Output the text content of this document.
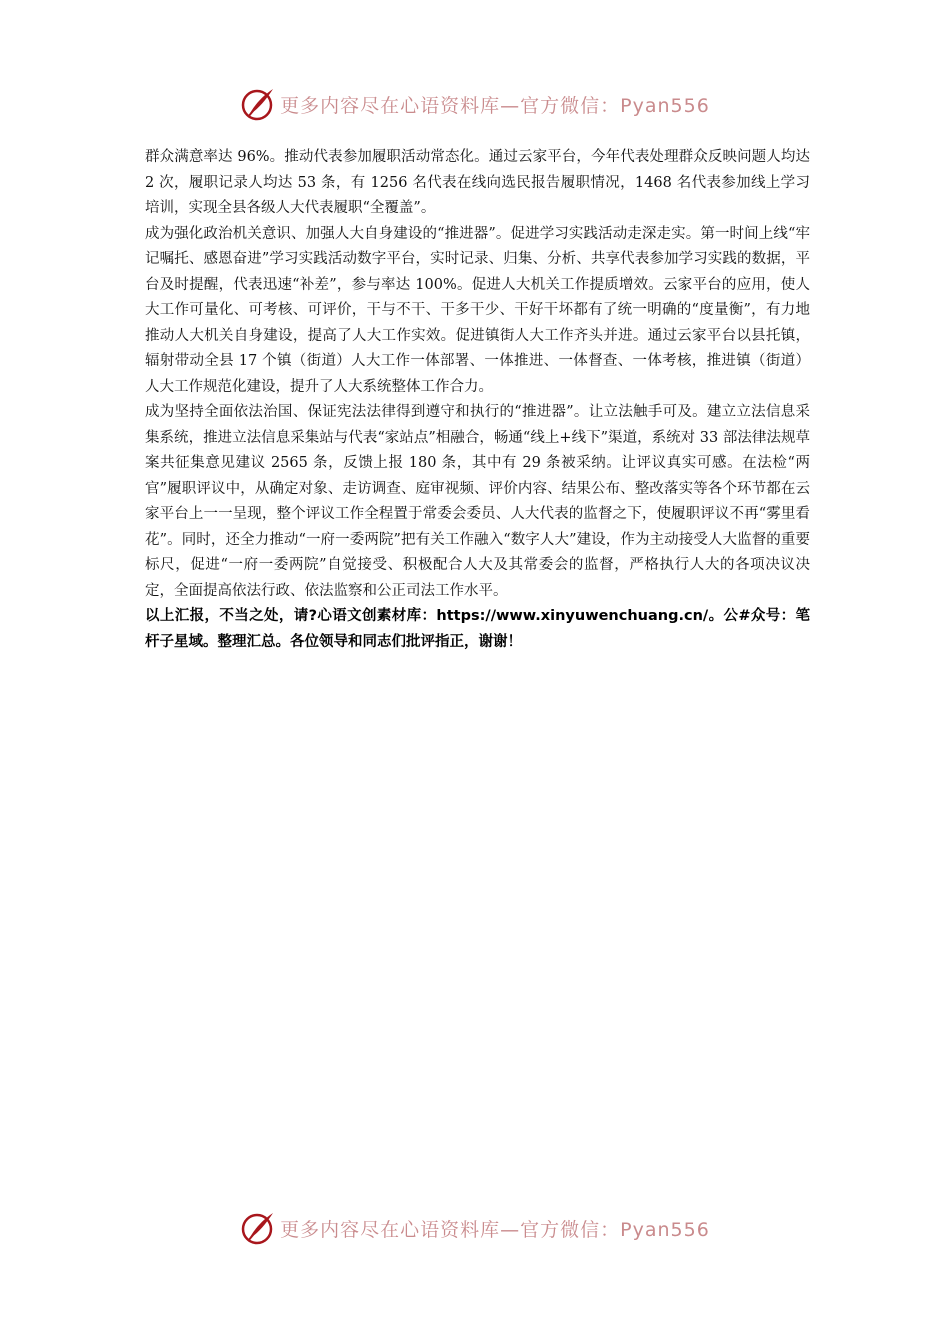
更多内容尽在心语资料库—官方微信：Pyan556

群众满意率达 96%。推动代表参加履职活动常态化。通过云家平台，今年代表处理群众反映问题人均达 2 次，履职记录人均达 53 条，有 1256 名代表在线向选民报告履职情况，1468 名代表参加线上学习培训，实现全县各级人大代表履职“全覆盖”。

成为强化政治机关意识、加强人大自身建设的“推进器”。促进学习实践活动走深走实。第一时间上线“牢记嘱托、感恩奋进”学习实践活动数字平台，实时记录、归集、分析、共享代表参加学习实践的数据，平台及时提醒，代表迅速“补差”，参与率达 100%。促进人大机关工作提质增效。云家平台的应用，使人大工作可量化、可考核、可评价，干与不干、干多干少、干好干坏都有了统一明确的“度量衡”，有力地推动人大机关自身建设，提高了人大工作实效。促进镇街人大工作齐头并进。通过云家平台以县托镇，辐射带动全县 17 个镇（街道）人大工作一体部署、一体推进、一体督查、一体考核，推进镇（街道）人大工作规范化建设，提升了人大系统整体工作合力。

成为坚持全面依法治国、保证宪法法律得到遵守和执行的“推进器”。让立法触手可及。建立立法信息采集系统，推进立法信息采集站与代表“家站点”相融合，畅通“线上+线下”渠道，系统对 33 部法律法规草案共征集意见建议 2565 条，反馈上报 180 条，其中有 29 条被采纳。让评议真实可感。在法检“两官”履职评议中，从确定对象、走访调查、庭审视频、评价内容、结果公布、整改落实等各个环节都在云家平台上一一呈现，整个评议工作全程置于常委会委员、人大代表的监督之下，使履职评议不再“雾里看花”。同时，还全力推动“一府一委两院”把有关工作融入“数字人大”建设，作为主动接受人大监督的重要标尺，促进“一府一委两院”自觉接受、积极配合人大及其常委会的监督，严格执行人大的各项决议决定，全面提高依法行政、依法监察和公正司法工作水平。

以上汇报，不当之处，请?心语文创素材库：https://www.xinyuwenchuang.cn/。公#众号：笔杆子星域。整理汇总。各位领导和同志们批评指正，谢谢！

更多内容尽在心语资料库—官方微信：Pyan556
